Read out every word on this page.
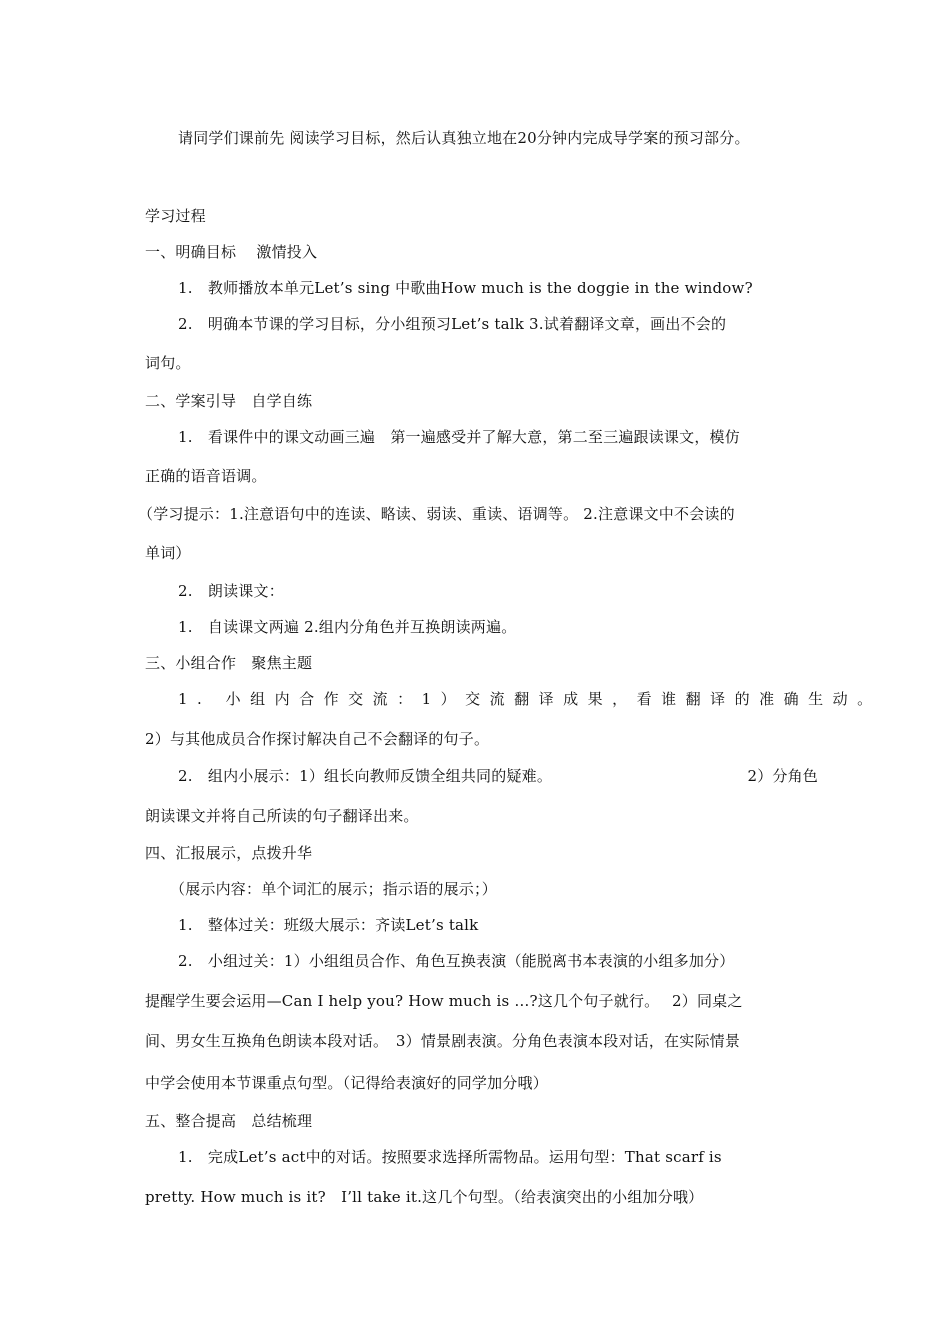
请同学们课前先 阅读学习目标，然后认真独立地在20分钟内完成导学案的预习部分。
学习过程
一、明确目标　 激情投入
1.　教师播放本单元Let’s sing 中歌曲How much is the doggie in the window?
2.　明确本节课的学习目标，分小组预习Let’s talk 3.试着翻译文章，画出不会的
词句。
二、学案引导　自学自练
1.　看课件中的课文动画三遍　第一遍感受并了解大意，第二至三遍跟读课文，模仿
正确的语音语调。
（学习提示：1.注意语句中的连读、略读、弱读、重读、语调等。 2.注意课文中不会读的
单词）
2.　朗读课文：
1.　自读课文两遍 2.组内分角色并互换朗读两遍。
三、小组合作　聚焦主题
1. 小组内合作交流：1）交流翻译成果，看谁翻译的准确生动。
2）与其他成员合作探讨解决自己不会翻译的句子。
2.　组内小展示：1）组长向教师反馈全组共同的疑难。	2）分角色
朗读课文并将自己所读的句子翻译出来。
四、汇报展示，点拨升华
（展示内容：单个词汇的展示；指示语的展示；）
1.　整体过关：班级大展示：齐读Let’s talk
2.　小组过关：1）小组组员合作、角色互换表演（能脱离书本表演的小组多加分）
提醒学生要会运用—Can I help you? How much is …?这几个句子就行。　 2）同桌之
间、男女生互换角色朗读本段对话。　3）情景剧表演。分角色表演本段对话，在实际情景
中学会使用本节课重点句型。（记得给表演好的同学加分哦）
五、整合提高　总结梳理
1.　完成Let’s act中的对话。按照要求选择所需物品。运用句型：That scarf is
pretty. How much is it?　I’ll take it.这几个句型。（给表演突出的小组加分哦）
